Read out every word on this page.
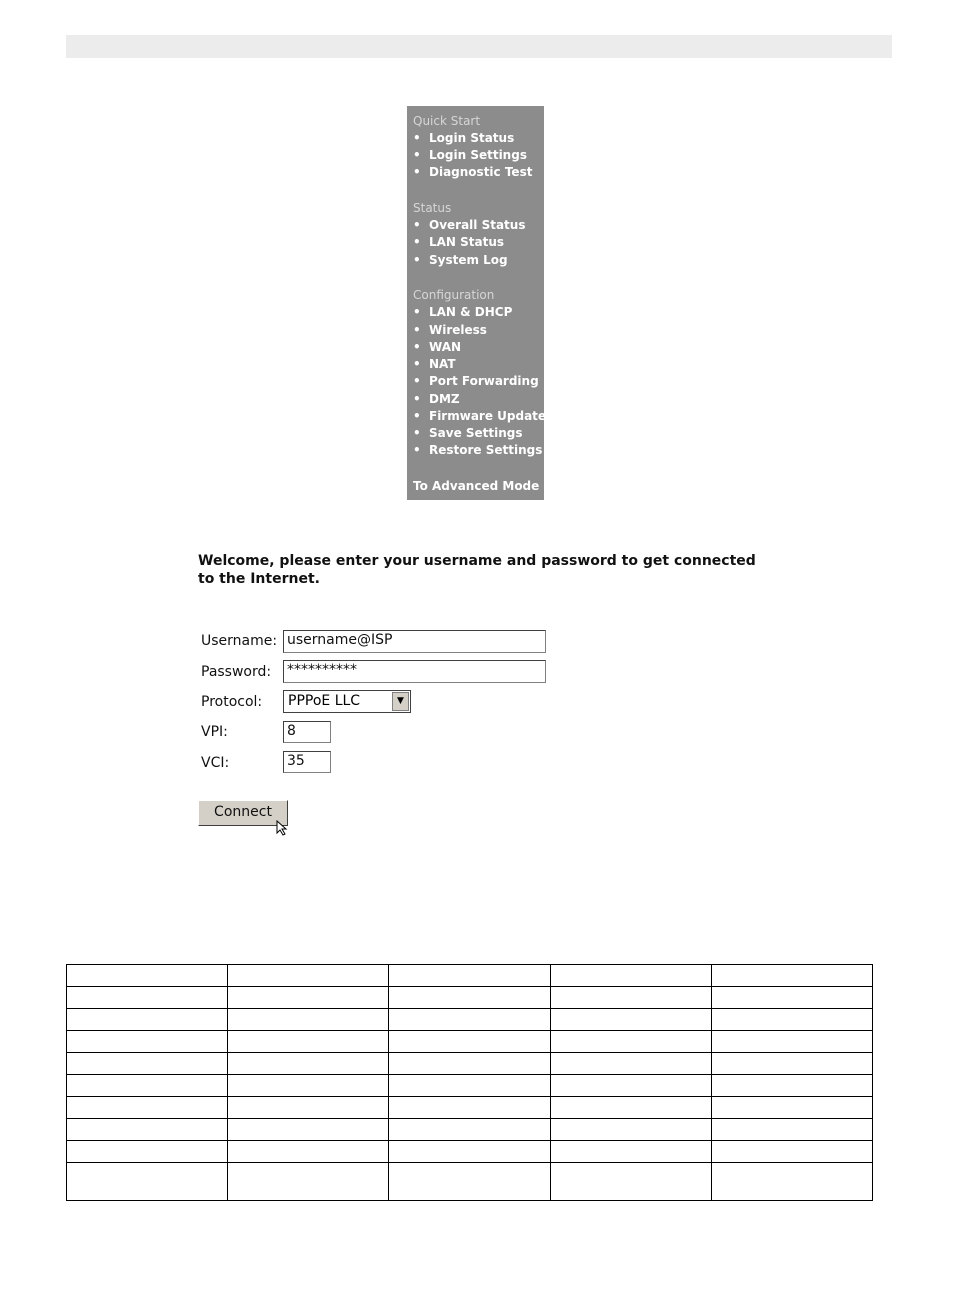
Quick Start
• Login Status
• Login Settings
• Diagnostic Test
Status
• Overall Status
• LAN Status
• System Log
Configuration
• LAN & DHCP
• Wireless
• WAN
• NAT
• Port Forwarding
• DMZ
• Firmware Update
• Save Settings
• Restore Settings
To Advanced Mode
Welcome, please enter your username and password to get connected
to the Internet.
Username: username@ISP
Password: **********
Protocol:	PPPoE LLC	▼
VPI:	8
VCI:	35
Connect
